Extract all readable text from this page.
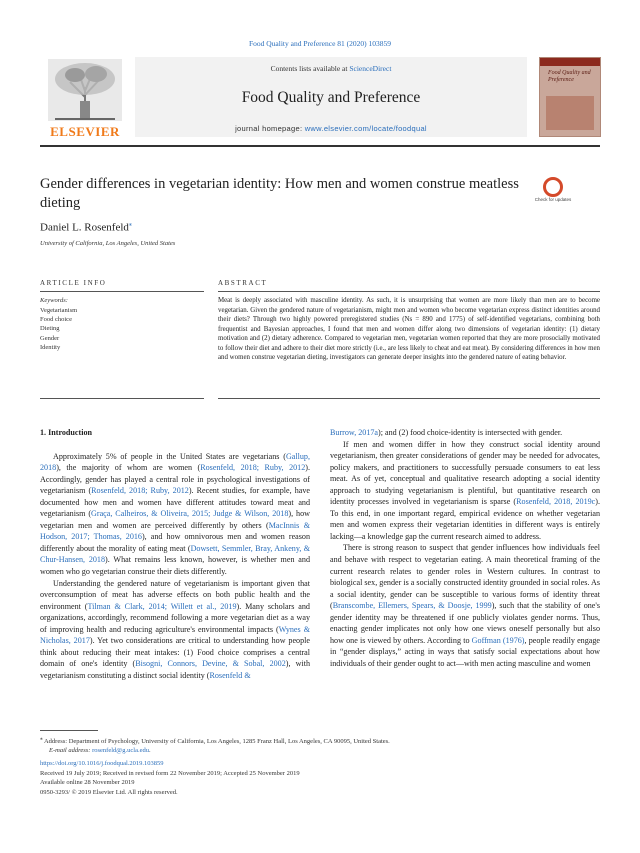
Food Quality and Preference 81 (2020) 103859
ELSEVIER
Contents lists available at ScienceDirect
Food Quality and Preference
journal homepage: www.elsevier.com/locate/foodqual
Food Quality and Preference
Gender differences in vegetarian identity: How men and women construe meatless dieting	Check for updates
Daniel L. Rosenfeld⁎
University of California, Los Angeles, United States
ARTICLE INFO	ABSTRACT
Keywords:
Vegetarianism
Food choice
Dieting
Gender
Identity
Meat is deeply associated with masculine identity. As such, it is unsurprising that women are more likely than men are to become vegetarian. Given the gendered nature of vegetarianism, might men and women who become vegetarian express distinct identities around their diets? Through two highly powered preregistered studies (Ns = 890 and 1775) of self-identified vegetarians, combining both frequentist and Bayesian approaches, I found that men and women differ along two dimensions of vegetarian identity: (1) dietary motivation and (2) dietary adherence. Compared to vegetarian men, vegetarian women reported that they are more prosocially motivated to follow their diet and adhere to their diet more strictly (i.e., are less likely to cheat and eat meat). By considering differences in how men and women construe vegetarian dieting, investigators can generate deeper insights into the gendered nature of eating behavior.
1. Introduction

Approximately 5% of people in the United States are vegetarians (Gallup, 2018), the majority of whom are women (Rosenfeld, 2018; Ruby, 2012). Accordingly, gender has played a central role in psychological investigations of vegetarianism (Rosenfeld, 2018; Ruby, 2012). Recent studies, for example, have documented how men and women have different attitudes toward meat and vegetarianism (Graça, Calheiros, & Oliveira, 2015; Judge & Wilson, 2018), how vegetarian men and women are perceived differently by others (MacInnis & Hodson, 2017; Thomas, 2016), and how omnivorous men and women reason differently about the morality of eating meat (Dowsett, Semmler, Bray, Ankeny, & Chur-Hansen, 2018). What remains less known, however, is whether men and women who go vegetarian construe their diets differently.

Understanding the gendered nature of vegetarianism is important given that overconsumption of meat has adverse effects on both public health and the environment (Tilman & Clark, 2014; Willett et al., 2019). Many scholars and organizations, accordingly, recommend following a more vegetarian diet as a way of improving health and reducing agriculture's environmental impacts (Wynes & Nicholas, 2017). Yet two considerations are critical to understanding how people think about reducing their meat intakes: (1) Food choice comprises a central domain of one's identity (Bisogni, Connors, Devine, & Sobal, 2002), with vegetarianism constituting a distinct social identity (Rosenfeld &

Burrow, 2017a); and (2) food choice-identity is intersected with gender.

If men and women differ in how they construct social identity around vegetarianism, then greater considerations of gender may be needed for advocates, policy makers, and practitioners to successfully persuade consumers to eat less meat. As of yet, conceptual and qualitative research adopting a social identity approach to studying vegetarianism is plentiful, but quantitative research on identity processes involved in vegetarianism is sparse (Rosenfeld, 2018, 2019c). To this end, in one important regard, empirical evidence on whether vegetarian men and women express their vegetarian identities in different ways is entirely lacking—a knowledge gap the current research aimed to address.

There is strong reason to suspect that gender influences how individuals feel and behave with respect to vegetarian eating. A main theoretical framing of the current research relates to gender roles in Western cultures. In contrast to biological sex, gender is a socially constructed identity grounded in social roles. As a social identity, gender can be susceptible to various forms of identity threat (Branscombe, Ellemers, Spears, & Doosje, 1999), such that the stability of one's gender identity may be threatened if one publicly violates gender norms. Thus, enacting gender implicates not only how one views oneself personally but also how one is viewed by others. According to Goffman (1976), people readily engage in “gender displays,” acting in ways that satisfy social expectations about how individuals of their gender ought to act—with men acting masculine and women

⁎ Address: Department of Psychology, University of California, Los Angeles, 1285 Franz Hall, Los Angeles, CA 90095, United States.
E-mail address: rosenfeld@g.ucla.edu.
https://doi.org/10.1016/j.foodqual.2019.103859
Received 19 July 2019; Received in revised form 22 November 2019; Accepted 25 November 2019
Available online 28 November 2019
0950-3293/ © 2019 Elsevier Ltd. All rights reserved.
